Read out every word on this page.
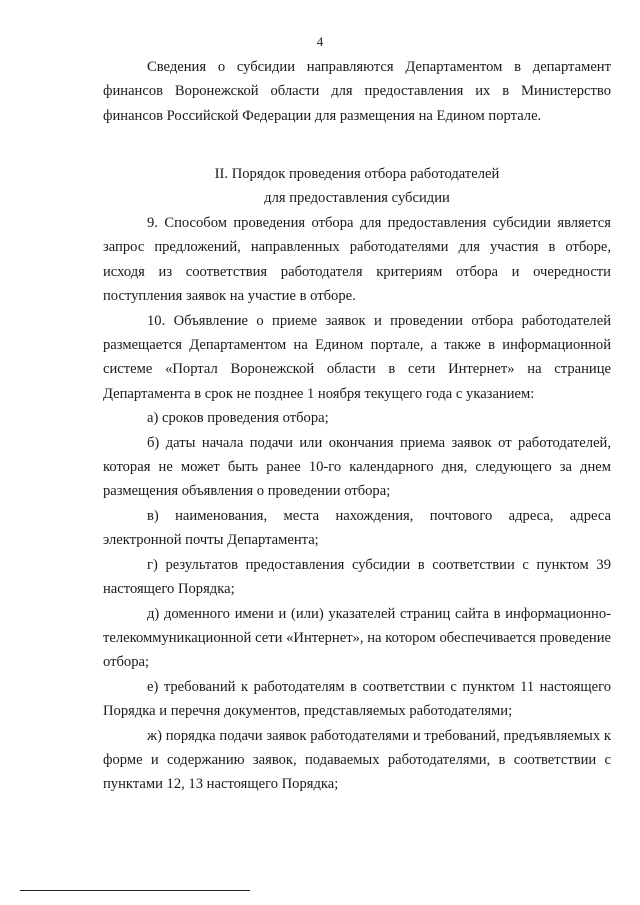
4

Сведения о субсидии направляются Департаментом в департамент финансов Воронежской области для предоставления их в Министерство финансов Российской Федерации для размещения на Едином портале.

II. Порядок проведения отбора работодателей
для предоставления субсидии

9. Способом проведения отбора для предоставления субсидии является запрос предложений, направленных работодателями для участия в отборе, исходя из соответствия работодателя критериям отбора и очередности поступления заявок на участие в отборе.

10. Объявление о приеме заявок и проведении отбора работодателей размещается Департаментом на Едином портале, а также в информационной системе «Портал Воронежской области в сети Интернет» на странице Департамента в срок не позднее 1 ноября текущего года с указанием:

а) сроков проведения отбора;

б) даты начала подачи или окончания приема заявок от работодателей, которая не может быть ранее 10-го календарного дня, следующего за днем размещения объявления о проведении отбора;

в) наименования, места нахождения, почтового адреса, адреса электронной почты Департамента;

г) результатов предоставления субсидии в соответствии с пунктом 39 настоящего Порядка;

д) доменного имени и (или) указателей страниц сайта в информационно-телекоммуникационной сети «Интернет», на котором обеспечивается проведение отбора;

е) требований к работодателям в соответствии с пунктом 11 настоящего Порядка и перечня документов, представляемых работодателями;

ж) порядка подачи заявок работодателями и требований, предъявляемых к форме и содержанию заявок, подаваемых работодателями, в соответствии с пунктами 12, 13 настоящего Порядка;
